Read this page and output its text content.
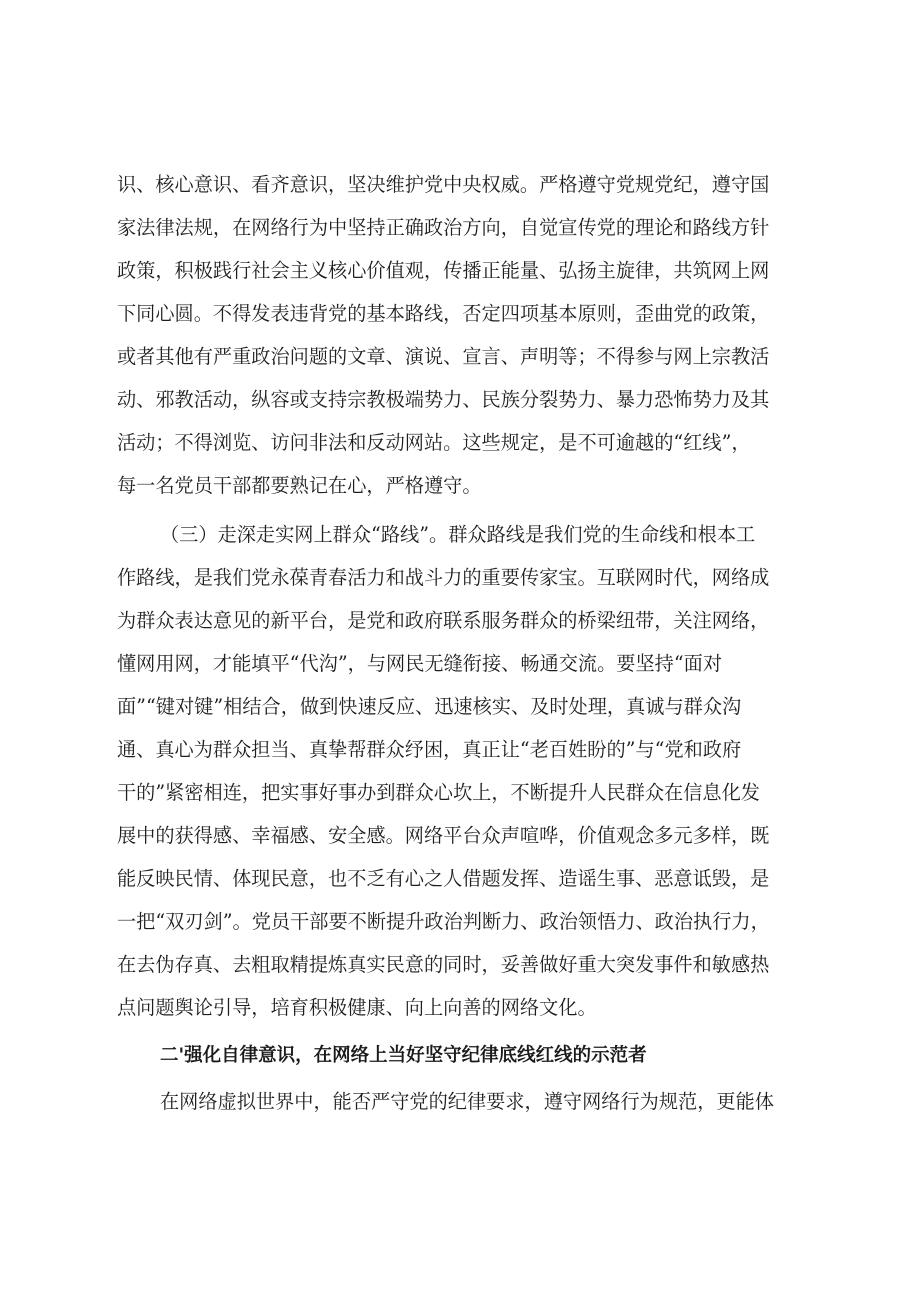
识、核心意识、看齐意识，坚决维护党中央权威。严格遵守党规党纪，遵守国
家法律法规，在网络行为中坚持正确政治方向，自觉宣传党的理论和路线方针
政策，积极践行社会主义核心价值观，传播正能量、弘扬主旋律，共筑网上网
下同心圆。不得发表违背党的基本路线，否定四项基本原则，歪曲党的政策，
或者其他有严重政治问题的文章、演说、宣言、声明等；不得参与网上宗教活
动、邪教活动，纵容或支持宗教极端势力、民族分裂势力、暴力恐怖势力及其
活动；不得浏览、访问非法和反动网站。这些规定，是不可逾越的“红线”，
每一名党员干部都要熟记在心，严格遵守。
（三）走深走实网上群众“路线”。群众路线是我们党的生命线和根本工
作路线，是我们党永葆青春活力和战斗力的重要传家宝。互联网时代，网络成
为群众表达意见的新平台，是党和政府联系服务群众的桥梁纽带，关注网络，
懂网用网，才能填平“代沟”，与网民无缝衔接、畅通交流。要坚持“面对
面”“键对键”相结合，做到快速反应、迅速核实、及时处理，真诚与群众沟
通、真心为群众担当、真挚帮群众纾困，真正让“老百姓盼的”与“党和政府
干的”紧密相连，把实事好事办到群众心坎上，不断提升人民群众在信息化发
展中的获得感、幸福感、安全感。网络平台众声喧哗，价值观念多元多样，既
能反映民情、体现民意，也不乏有心之人借题发挥、造谣生事、恶意诋毁，是
一把“双刃剑”。党员干部要不断提升政治判断力、政治领悟力、政治执行力，
在去伪存真、去粗取精提炼真实民意的同时，妥善做好重大突发事件和敏感热
点问题舆论引导，培育积极健康、向上向善的网络文化。
二'强化自律意识，在网络上当好坚守纪律底线红线的示范者
在网络虚拟世界中，能否严守党的纪律要求，遵守网络行为规范，更能体
